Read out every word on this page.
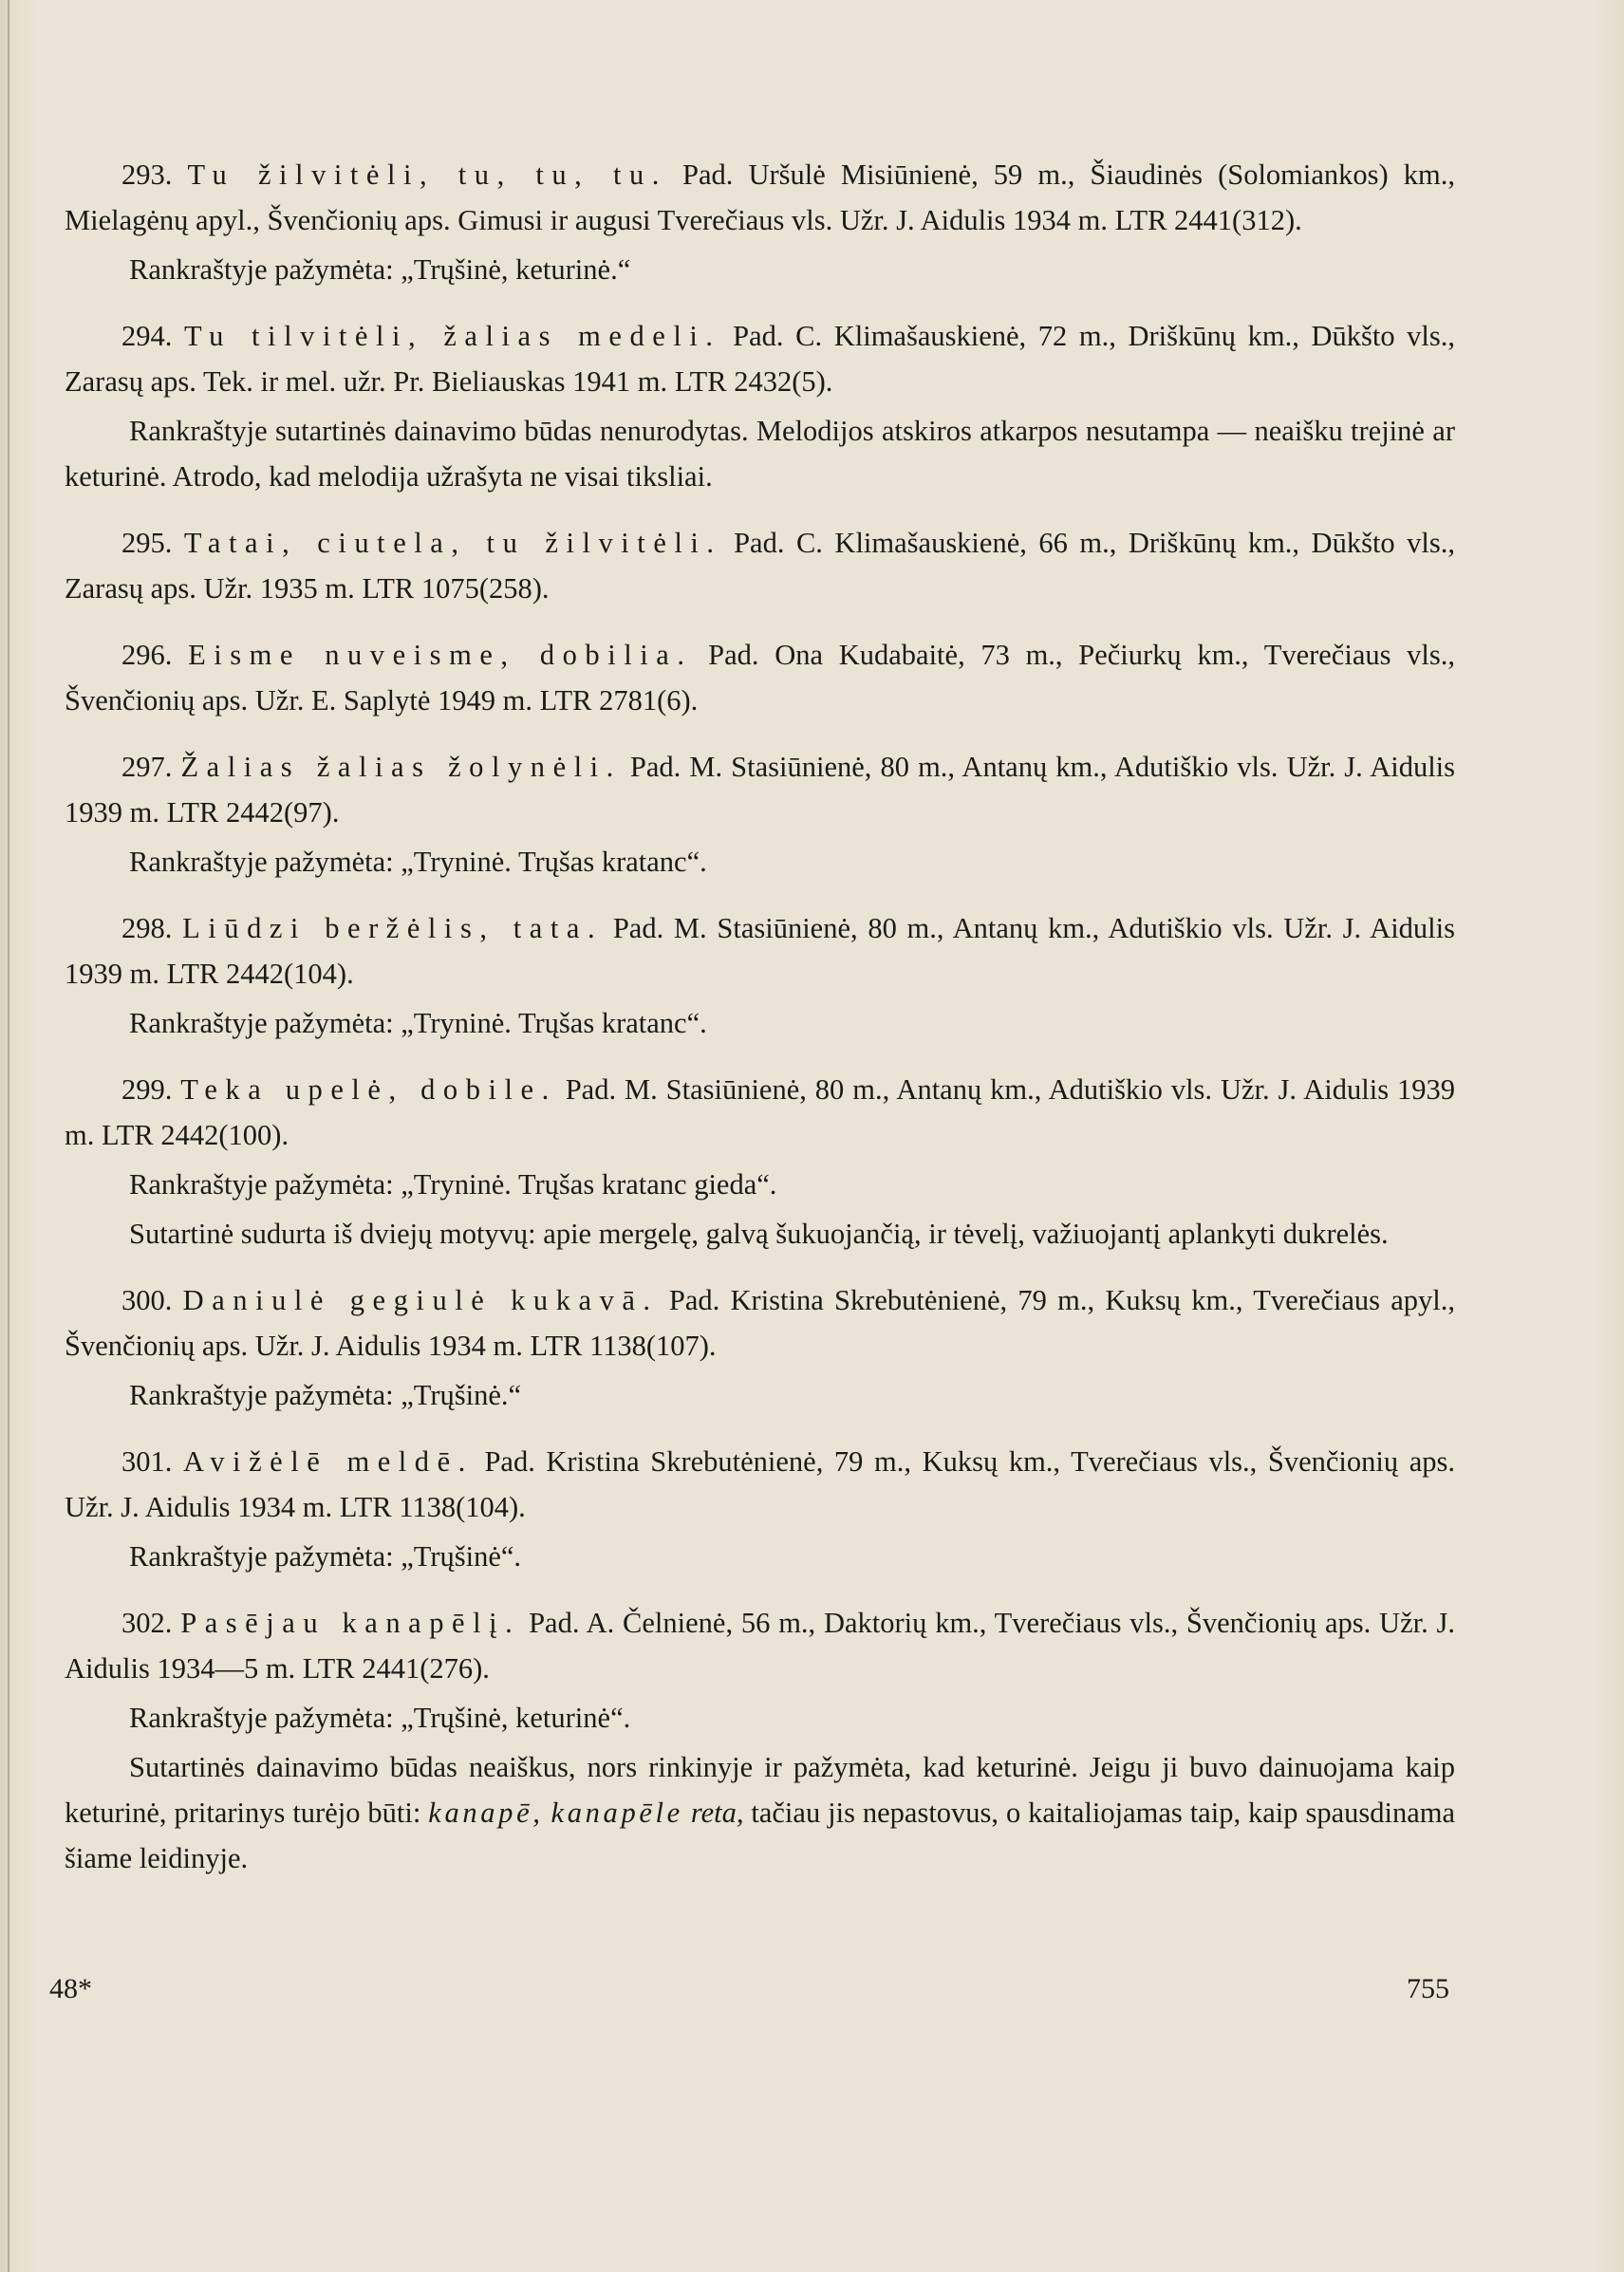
293. Tu žilvitėli, tu, tu, tu. Pad. Uršulė Misiūnienė, 59 m., Šiaudinės (Solomiankos) km., Mielagėnų apyl., Švenčionių aps. Gimusi ir augusi Tverečiaus vls. Užr. J. Aidulis 1934 m. LTR 2441(312).

Rankraštyje pažymėta: „Trųšinė, keturinė.“

294. Tu tilvitėli, žalias medeli. Pad. C. Klimašauskienė, 72 m., Driškūnų km., Dūkšto vls., Zarasų aps. Tek. ir mel. užr. Pr. Bieliauskas 1941 m. LTR 2432(5).

Rankraštyje sutartinės dainavimo būdas nenurodytas. Melodijos atskiros atkarpos nesutampa — neaišku trejinė ar keturinė. Atrodo, kad melodija užrašyta ne visai tiksliai.

295. Tatai, ciutela, tu žilvitėli. Pad. C. Klimašauskienė, 66 m., Driškūnų km., Dūkšto vls., Zarasų aps. Užr. 1935 m. LTR 1075(258).

296. Eisme nuveisme, dobilia. Pad. Ona Kudabaitė, 73 m., Pečiurkų km., Tverečiaus vls., Švenčionių aps. Užr. E. Saplytė 1949 m. LTR 2781(6).

297. Žalias žalias žolynėli. Pad. M. Stasiūnienė, 80 m., Antanų km., Adutiškio vls. Užr. J. Aidulis 1939 m. LTR 2442(97).

Rankraštyje pažymėta: „Tryninė. Trųšas kratanc“.

298. Liūdzi beržėlis, tata. Pad. M. Stasiūnienė, 80 m., Antanų km., Adutiškio vls. Užr. J. Aidulis 1939 m. LTR 2442(104).

Rankraštyje pažymėta: „Tryninė. Trųšas kratanc“.

299. Teka upelė, dobile. Pad. M. Stasiūnienė, 80 m., Antanų km., Adutiškio vls. Užr. J. Aidulis 1939 m. LTR 2442(100).

Rankraštyje pažymėta: „Tryninė. Trųšas kratanc gieda“.

Sutartinė sudurta iš dviejų motyvų: apie mergelę, galvą šukuojančią, ir tėvelį, važiuojantį aplankyti dukrelės.

300. Daniulė gegiulė kukavā. Pad. Kristina Skrebutėnienė, 79 m., Kuksų km., Tverečiaus apyl., Švenčionių aps. Užr. J. Aidulis 1934 m. LTR 1138(107).

Rankraštyje pažymėta: „Trųšinė.“

301. Avižėlē meldē. Pad. Kristina Skrebutėnienė, 79 m., Kuksų km., Tverečiaus vls., Švenčionių aps. Užr. J. Aidulis 1934 m. LTR 1138(104).

Rankraštyje pažymėta: „Trųšinė“.

302. Pasējau kanapēlį. Pad. A. Čelnienė, 56 m., Daktorių km., Tverečiaus vls., Švenčionių aps. Užr. J. Aidulis 1934—5 m. LTR 2441(276).

Rankraštyje pažymėta: „Trųšinė, keturinė“.

Sutartinės dainavimo būdas neaiškus, nors rinkinyje ir pažymėta, kad keturinė. Jeigu ji buvo dainuojama kaip keturinė, pritarinys turėjo būti: kanapē, kanapēle reta, tačiau jis nepastovus, o kaitaliojamas taip, kaip spausdinama šiame leidinyje.

48*	755
